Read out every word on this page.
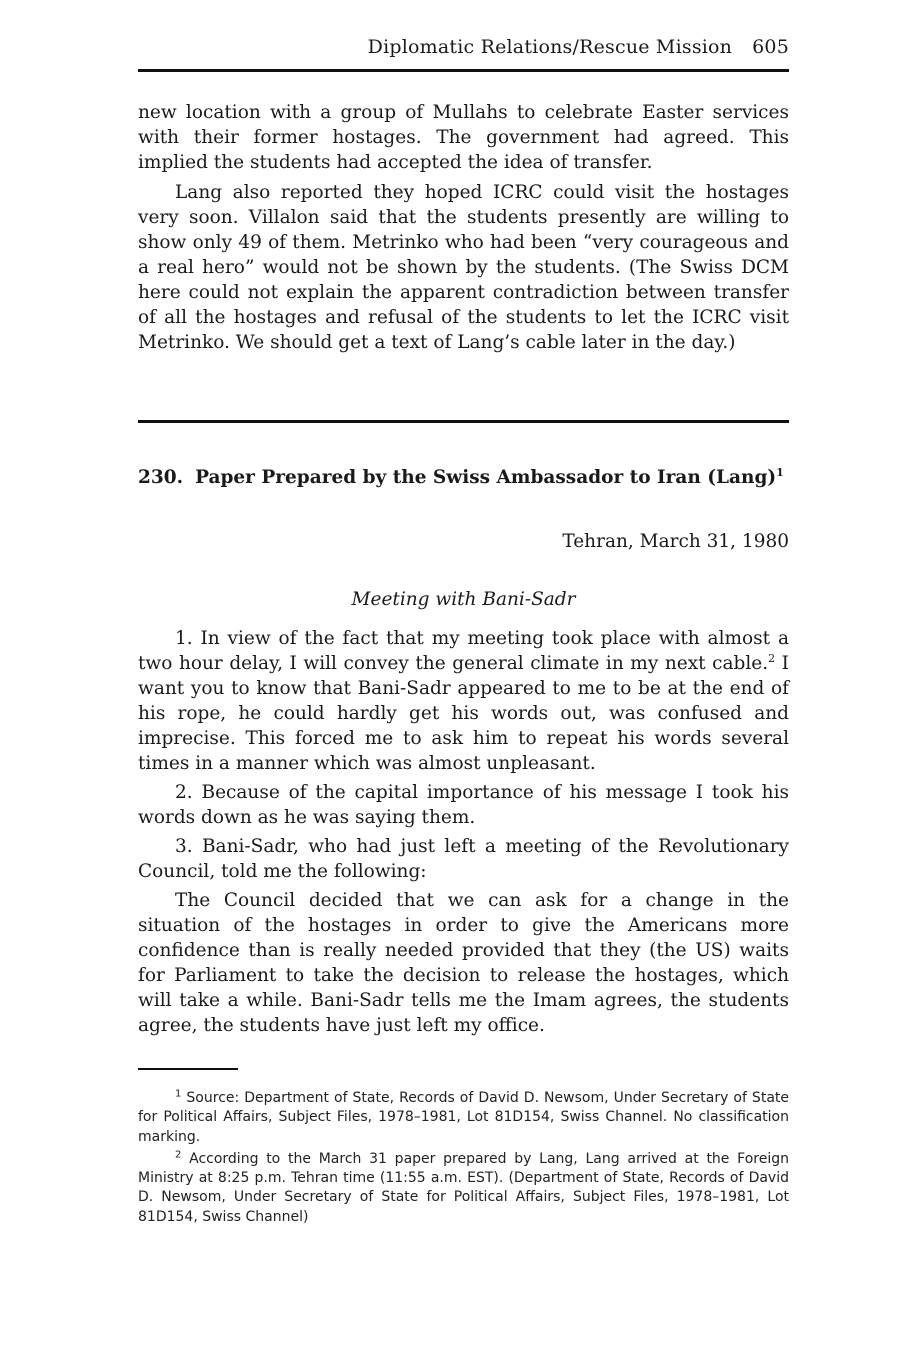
Diplomatic Relations/Rescue Mission 605

new location with a group of Mullahs to celebrate Easter services with their former hostages. The government had agreed. This implied the students had accepted the idea of transfer.

Lang also reported they hoped ICRC could visit the hostages very soon. Villalon said that the students presently are willing to show only 49 of them. Metrinko who had been “very courageous and a real hero” would not be shown by the students. (The Swiss DCM here could not explain the apparent contradiction between transfer of all the hostages and refusal of the students to let the ICRC visit Metrinko. We should get a text of Lang’s cable later in the day.)

230. Paper Prepared by the Swiss Ambassador to Iran (Lang)$^1$
Tehran, March 31, 1980
Meeting with Bani-Sadr

1. In view of the fact that my meeting took place with almost a two hour delay, I will convey the general climate in my next cable.$^2$ I want you to know that Bani-Sadr appeared to me to be at the end of his rope, he could hardly get his words out, was confused and imprecise. This forced me to ask him to repeat his words several times in a manner which was almost unpleasant.

2. Because of the capital importance of his message I took his words down as he was saying them.

3. Bani-Sadr, who had just left a meeting of the Revolutionary Council, told me the following:

The Council decided that we can ask for a change in the situation of the hostages in order to give the Americans more confidence than is really needed provided that they (the US) waits for Parliament to take the decision to release the hostages, which will take a while. Bani-Sadr tells me the Imam agrees, the students agree, the students have just left my office.

$^1$ Source: Department of State, Records of David D. Newsom, Under Secretary of State for Political Affairs, Subject Files, 1978–1981, Lot 81D154, Swiss Channel. No classification marking.

$^2$ According to the March 31 paper prepared by Lang, Lang arrived at the Foreign Ministry at 8:25 p.m. Tehran time (11:55 a.m. EST). (Department of State, Records of David D. Newsom, Under Secretary of State for Political Affairs, Subject Files, 1978–1981, Lot 81D154, Swiss Channel)
